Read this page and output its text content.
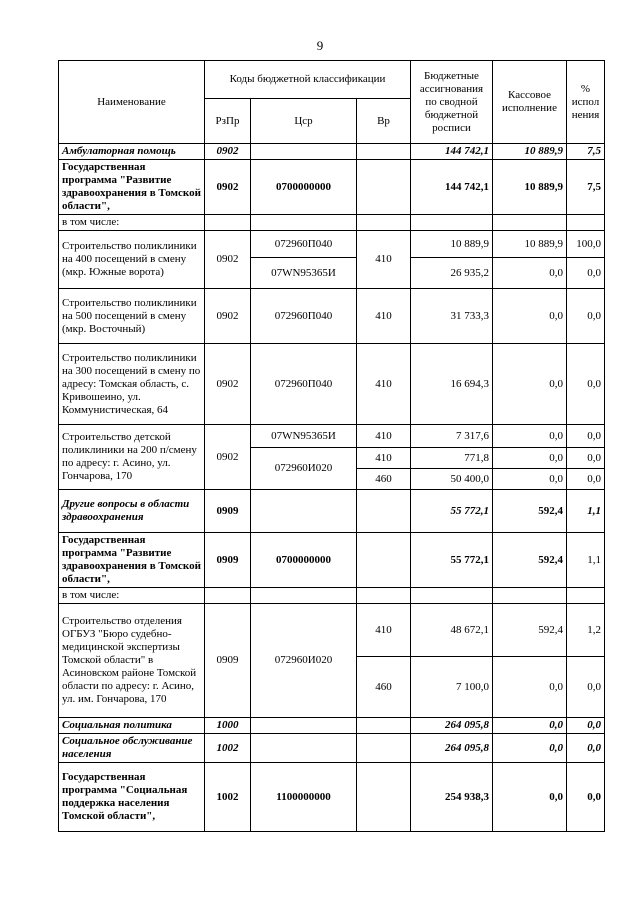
9
Наименование	Коды бюджетной классификации			Бюджетные ассигнования по сводной бюджетной росписи	Кассовое исполнение	% испол нения
	РзПр	Цср	Вр			
Амбулаторная помощь	0902			144 742,1	10 889,9	7,5
Государственная программа "Развитие здравоохранения в Томской области",	0902	0700000000		144 742,1	10 889,9	7,5
в том числе:						
Строительство поликлиники на 400 посещений в смену (мкр. Южные ворота)	0902	072960П040	410	10 889,9	10 889,9	100,0
		07WN95365И		26 935,2	0,0	0,0
Строительство поликлиники на 500 посещений в смену (мкр. Восточный)	0902	072960П040	410	31 733,3	0,0	0,0
Строительство поликлиники на 300 посещений в смену по адресу: Томская область, с. Кривошеино, ул. Коммунистическая, 64	0902	072960П040	410	16 694,3	0,0	0,0
Строительство детской поликлиники на 200 п/смену по адресу: г. Асино, ул. Гончарова, 170	0902	07WN95365И	410	7 317,6	0,0	0,0
		072960И020	410	771,8	0,0	0,0
			460	50 400,0	0,0	0,0
Другие вопросы в области здравоохранения	0909			55 772,1	592,4	1,1
Государственная программа "Развитие здравоохранения в Томской области",	0909	0700000000		55 772,1	592,4	1,1
в том числе:						
Строительство отделения ОГБУЗ "Бюро судебно-медицинской экспертизы Томской области" в Асиновском районе Томской области по адресу: г. Асино, ул. им. Гончарова, 170	0909	072960И020	410	48 672,1	592,4	1,2
			460	7 100,0	0,0	0,0
Социальная политика	1000			264 095,8	0,0	0,0
Социальное обслуживание населения	1002			264 095,8	0,0	0,0
Государственная программа "Социальная поддержка населения Томской области",	1002	1100000000		254 938,3	0,0	0,0
